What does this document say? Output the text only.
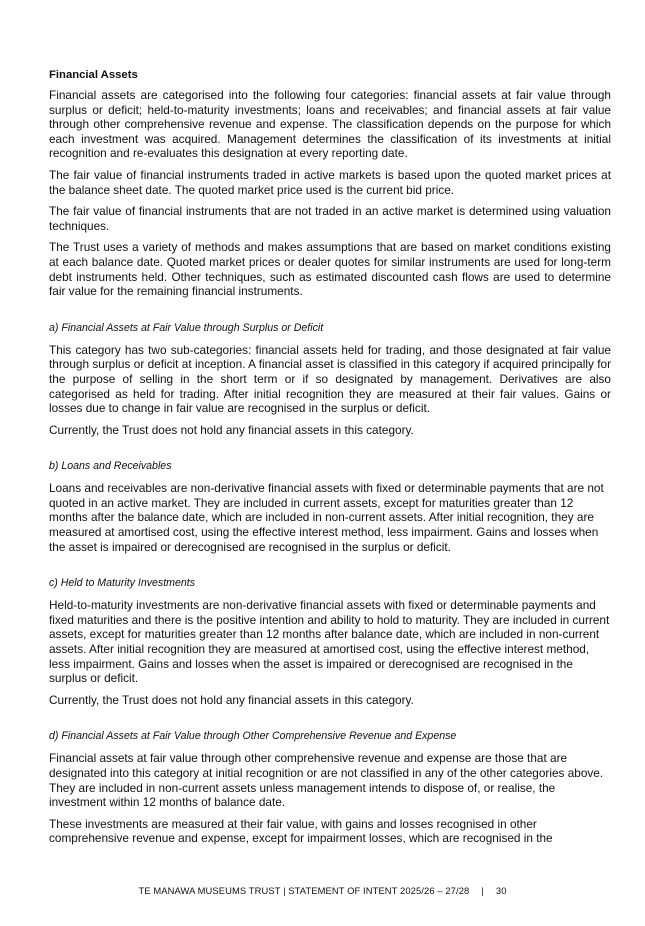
Financial Assets

Financial assets are categorised into the following four categories: financial assets at fair value through surplus or deficit; held-to-maturity investments; loans and receivables; and financial assets at fair value through other comprehensive revenue and expense. The classification depends on the purpose for which each investment was acquired. Management determines the classification of its investments at initial recognition and re-evaluates this designation at every reporting date.

The fair value of financial instruments traded in active markets is based upon the quoted market prices at the balance sheet date. The quoted market price used is the current bid price.

The fair value of financial instruments that are not traded in an active market is determined using valuation techniques.

The Trust uses a variety of methods and makes assumptions that are based on market conditions existing at each balance date. Quoted market prices or dealer quotes for similar instruments are used for long-term debt instruments held. Other techniques, such as estimated discounted cash flows are used to determine fair value for the remaining financial instruments.

a) Financial Assets at Fair Value through Surplus or Deficit

This category has two sub-categories: financial assets held for trading, and those designated at fair value through surplus or deficit at inception. A financial asset is classified in this category if acquired principally for the purpose of selling in the short term or if so designated by management. Derivatives are also categorised as held for trading. After initial recognition they are measured at their fair values. Gains or losses due to change in fair value are recognised in the surplus or deficit.

Currently, the Trust does not hold any financial assets in this category.

b) Loans and Receivables

Loans and receivables are non-derivative financial assets with fixed or determinable payments that are not quoted in an active market. They are included in current assets, except for maturities greater than 12 months after the balance date, which are included in non-current assets. After initial recognition, they are measured at amortised cost, using the effective interest method, less impairment. Gains and losses when the asset is impaired or derecognised are recognised in the surplus or deficit.

c) Held to Maturity Investments

Held-to-maturity investments are non-derivative financial assets with fixed or determinable payments and fixed maturities and there is the positive intention and ability to hold to maturity. They are included in current assets, except for maturities greater than 12 months after balance date, which are included in non-current assets. After initial recognition they are measured at amortised cost, using the effective interest method, less impairment. Gains and losses when the asset is impaired or derecognised are recognised in the surplus or deficit.

Currently, the Trust does not hold any financial assets in this category.

d) Financial Assets at Fair Value through Other Comprehensive Revenue and Expense

Financial assets at fair value through other comprehensive revenue and expense are those that are designated into this category at initial recognition or are not classified in any of the other categories above. They are included in non-current assets unless management intends to dispose of, or realise, the investment within 12 months of balance date.

These investments are measured at their fair value, with gains and losses recognised in other comprehensive revenue and expense, except for impairment losses, which are recognised in the

TE MANAWA MUSEUMS TRUST | STATEMENT OF INTENT 2025/26 – 27/28 | 30
